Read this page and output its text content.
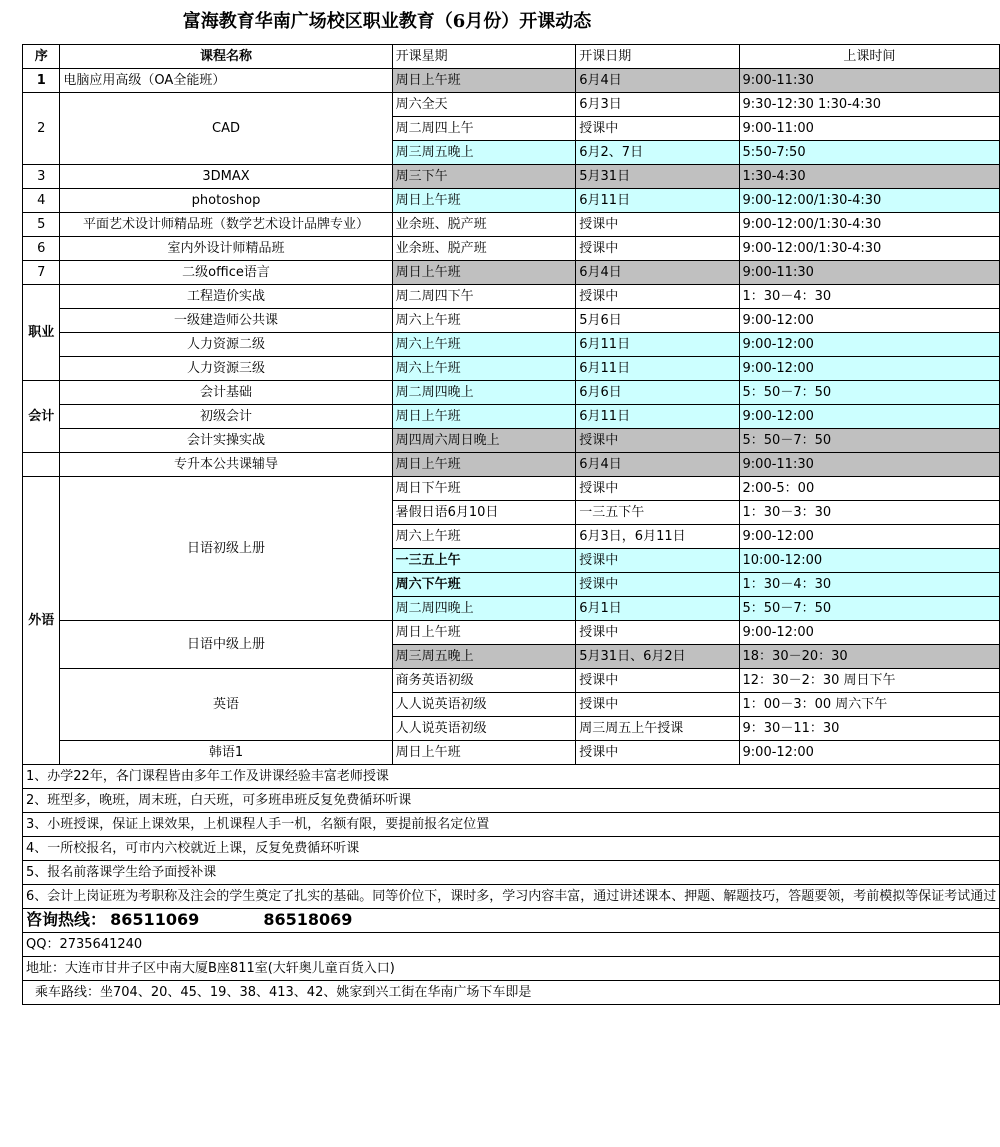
富海教育华南广场校区职业教育（6月份）开课动态
序	课程名称	开课星期	开课日期	上课时间
1	电脑应用高级（OA全能班）	周日上午班	6月4日	9:00-11:30
2	CAD	周六全天	6月3日	9:30-12:30 1:30-4:30
		周二周四上午	授课中	9:00-11:00
		周三周五晚上	6月2、7日	5:50-7:50
3	3DMAX	周三下午	5月31日	1:30-4:30
4	photoshop	周日上午班	6月11日	9:00-12:00/1:30-4:30
5	平面艺术设计师精品班（数学艺术设计品牌专业）	业余班、脱产班	授课中	9:00-12:00/1:30-4:30
6	室内外设计师精品班	业余班、脱产班	授课中	9:00-12:00/1:30-4:30
7	二级office语言	周日上午班	6月4日	9:00-11:30
职业	工程造价实战	周二周四下午	授课中	1：30－4：30
	一级建造师公共课	周六上午班	5月6日	9:00-12:00
	人力资源二级	周六上午班	6月11日	9:00-12:00
	人力资源三级	周六上午班	6月11日	9:00-12:00
会计	会计基础	周二周四晚上	6月6日	5：50－7：50
	初级会计	周日上午班	6月11日	9:00-12:00
	会计实操实战	周四周六周日晚上	授课中	5：50－7：50
	专升本公共课辅导	周日上午班	6月4日	9:00-11:30
外语	日语初级上册	周日下午班	授课中	2:00-5：00
		暑假日语6月10日	一三五下午	1：30－3：30
		周六上午班	6月3日，6月11日	9:00-12:00
		一三五上午	授课中	10:00-12:00
		周六下午班	授课中	1：30－4：30
		周二周四晚上	6月1日	5：50－7：50
	日语中级上册	周日上午班	授课中	9:00-12:00
		周三周五晚上	5月31日、6月2日	18：30－20：30
	英语	商务英语初级	授课中	12：30－2：30 周日下午
		人人说英语初级	授课中	1：00－3：00 周六下午
		人人说英语初级	周三周五上午授课	9：30－11：30
	韩语1	周日上午班	授课中	9:00-12:00
1、办学22年，各门课程皆由多年工作及讲课经验丰富老师授课				
2、班型多，晚班，周末班，白天班，可多班串班反复免费循环听课				
3、小班授课，保证上课效果，上机课程人手一机，名额有限，要提前报名定位置				
4、一所校报名，可市内六校就近上课，反复免费循环听课				
5、报名前落课学生给予面授补课				
6、会计上岗证班为考职称及注会的学生奠定了扎实的基础。同等价位下，课时多，学习内容丰富，通过讲述课本、押题、解题技巧，答题要领，考前模拟等保证考试通过				
咨询热线： 86511069 86518069				
QQ：2735641240				
地址：大连市甘井子区中南大厦B座811室(大轩奥儿童百货入口)				
乘车路线：坐704、20、45、19、38、413、42、姚家到兴工街在华南广场下车即是				
